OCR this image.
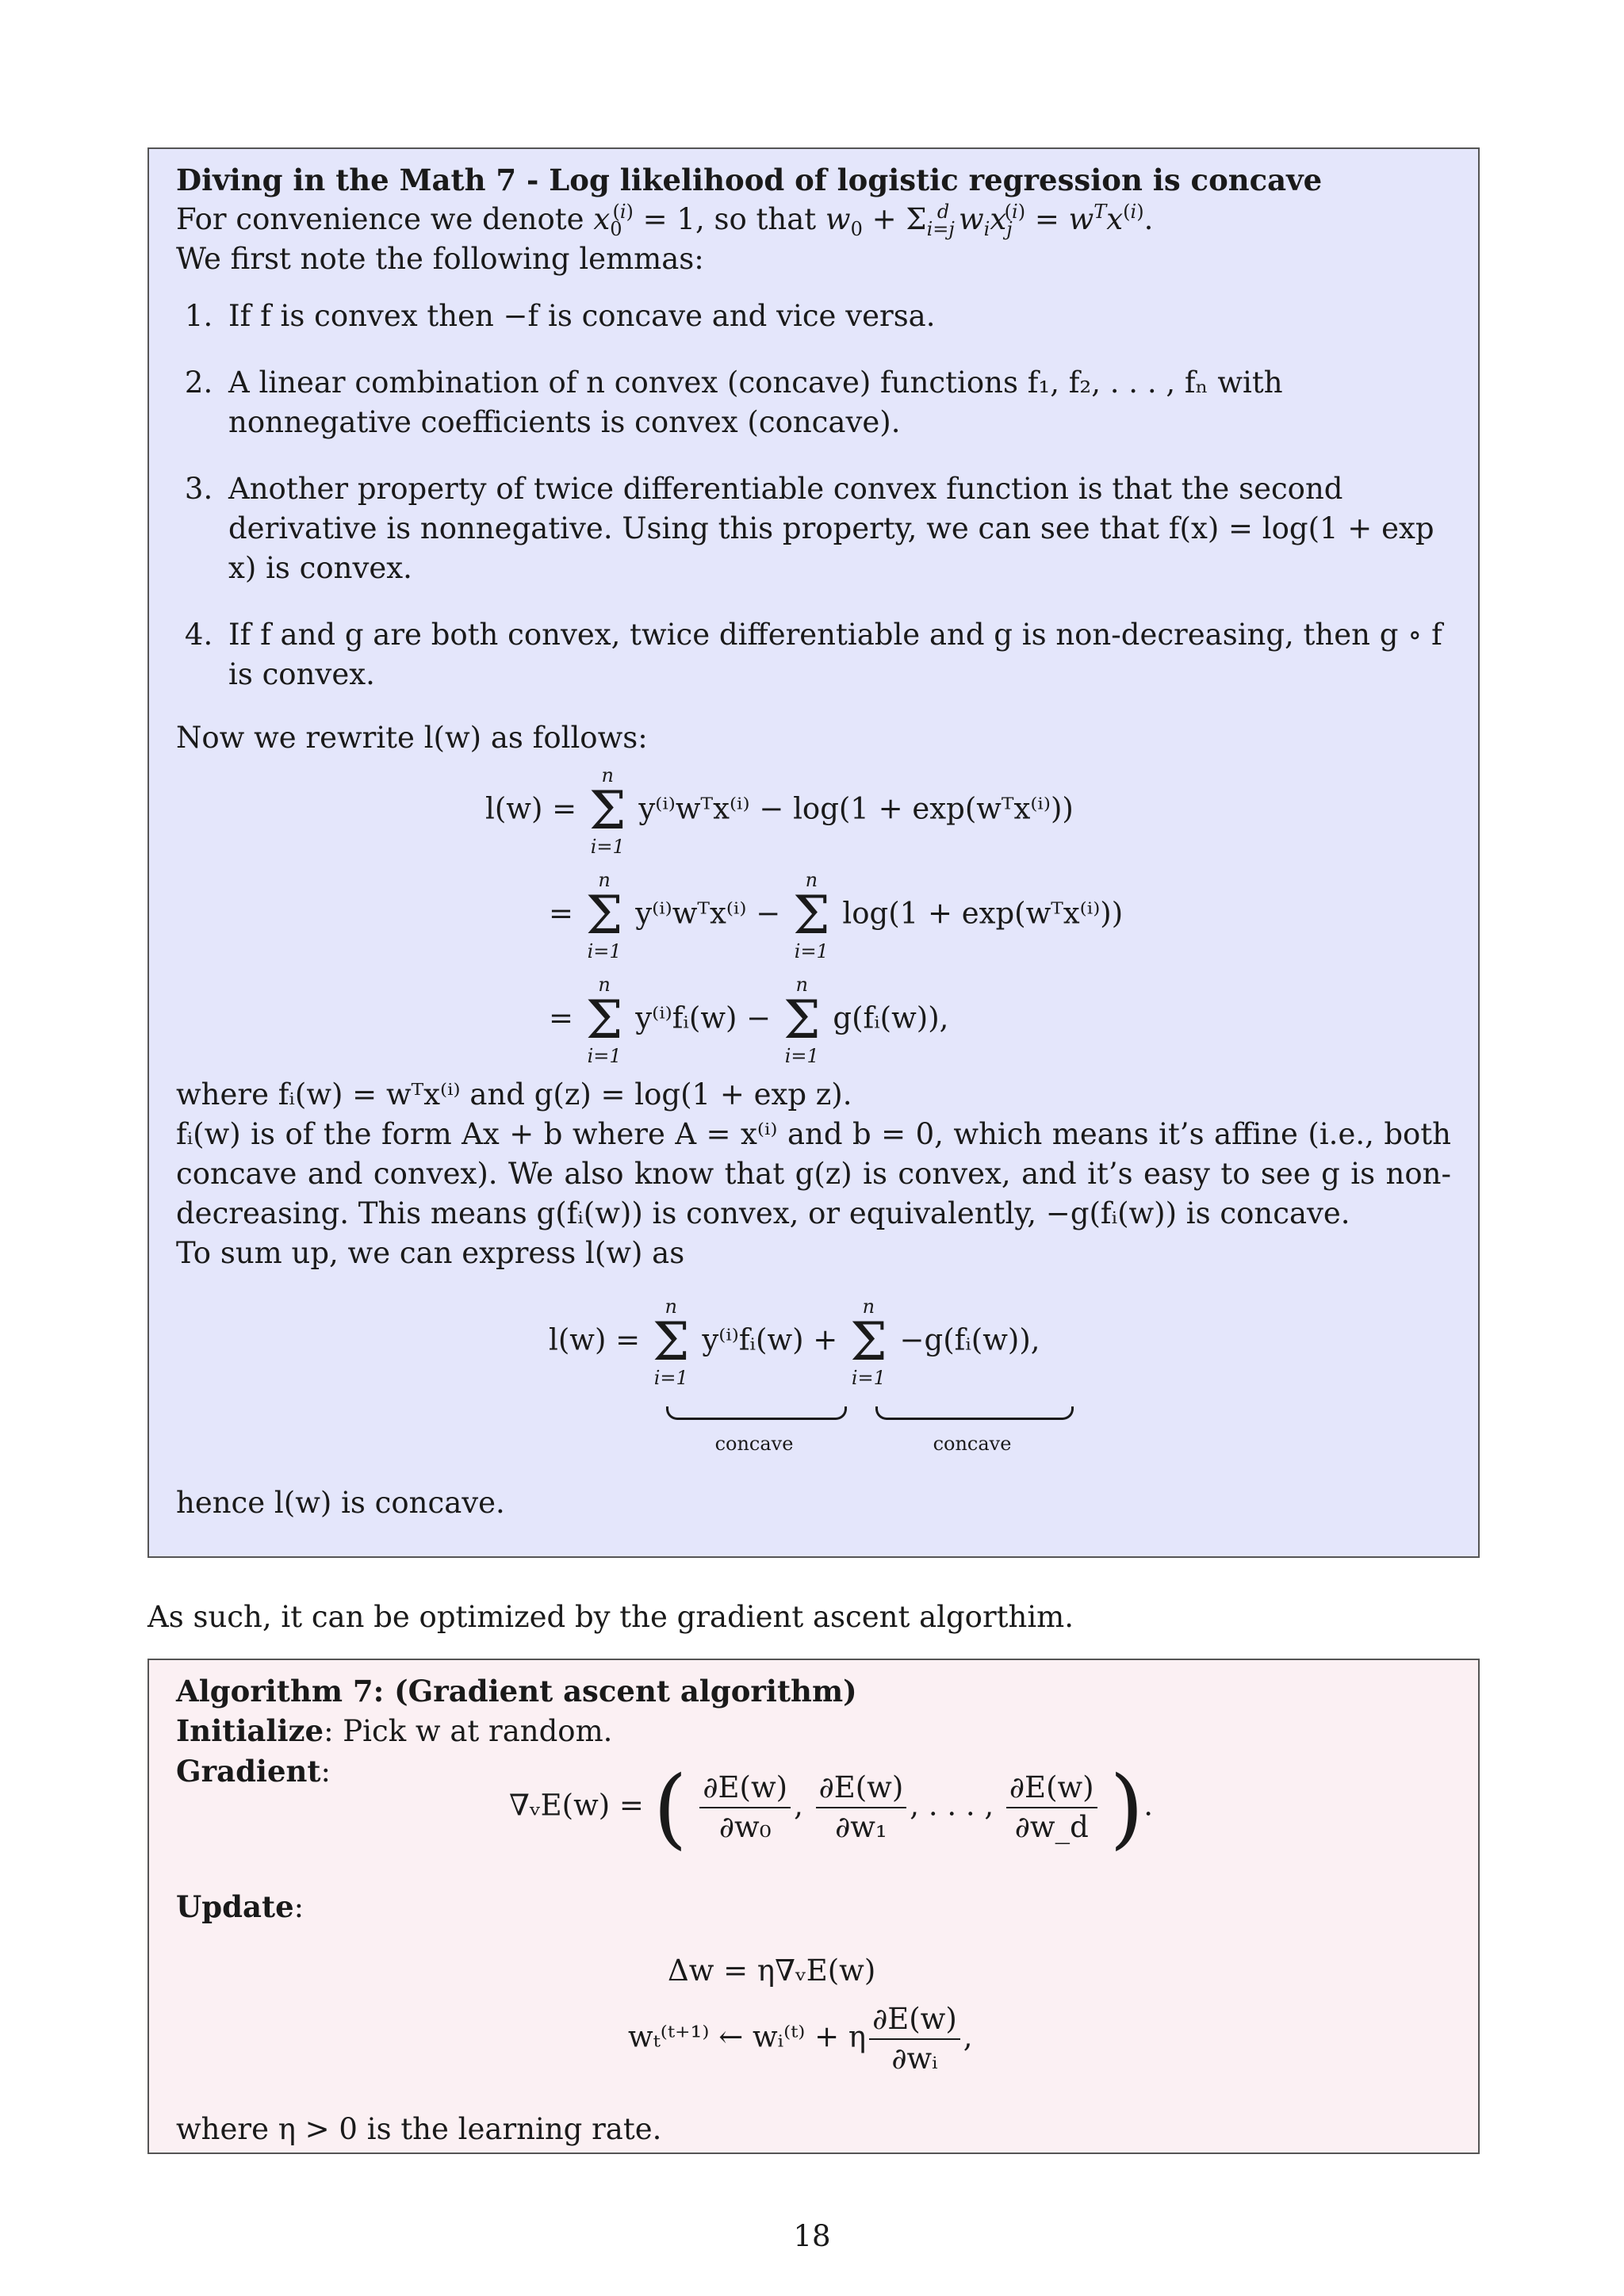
Diving in the Math 7 - Log likelihood of logistic regression is concave
For convenience we denote $x_0^{(i)} = 1$, so that $w_0 + \Sigma_{i=j}^d$ $w_ix_j^{(i)} = w^Tx^{(i)}$.
We first note the following lemmas:
1. If f is convex then −f is concave and vice versa.
2. A linear combination of n convex (concave) functions f₁, f₂, . . . , fₙ with nonnegative coefficients is convex (concave).
3. Another property of twice differentiable convex function is that the second derivative is nonnegative. Using this property, we can see that f(x) = log(1 + exp x) is convex.
4. If f and g are both convex, twice differentiable and g is non-decreasing, then g ∘ f is convex.
Now we rewrite l(w) as follows:
l(w) =
n
Σ
i=1
y⁽ⁱ⁾wᵀx⁽ⁱ⁾ − log(1 + exp(wᵀx⁽ⁱ⁾))
=
n
Σ
i=1
y⁽ⁱ⁾wᵀx⁽ⁱ⁾ −
n
Σ
i=1
log(1 + exp(wᵀx⁽ⁱ⁾))
=
n
Σ
i=1
y⁽ⁱ⁾fᵢ(w) −
n
Σ
i=1
g(fᵢ(w)),
where fᵢ(w) = wᵀx⁽ⁱ⁾ and g(z) = log(1 + exp z).
fᵢ(w) is of the form Ax + b where A = x⁽ⁱ⁾ and b = 0, which means it’s affine (i.e., both concave and convex). We also know that g(z) is convex, and it’s easy to see g is non-decreasing. This means g(fᵢ(w)) is convex, or equivalently, −g(fᵢ(w)) is concave.
To sum up, we can express l(w) as
l(w) =
n
Σ
i=1
y⁽ⁱ⁾fᵢ(w) +
n
Σ
i=1
−g(fᵢ(w)),
concave	concave
hence l(w) is concave.
As such, it can be optimized by the gradient ascent algorthim.
Algorithm 7: (Gradient ascent algorithm)
Initialize: Pick w at random.
Gradient:
∇ᵥE(w) = ( $\frac{\partial E(w)}{\text{∂w₀}}$ , $\frac{\partial E(w)}{\text{∂w₁}}$ , . . . , $\frac{\partial E(w)}{\partial w\_d}$ ).
Update:
Δw = η∇ᵥE(w)
wₜ⁽ᵗ⁺¹⁾ ← wᵢ⁽ᵗ⁾ + η $\frac{\partial E(w)}{\text{∂wᵢ}}$ ,
where η > 0 is the learning rate.
18
